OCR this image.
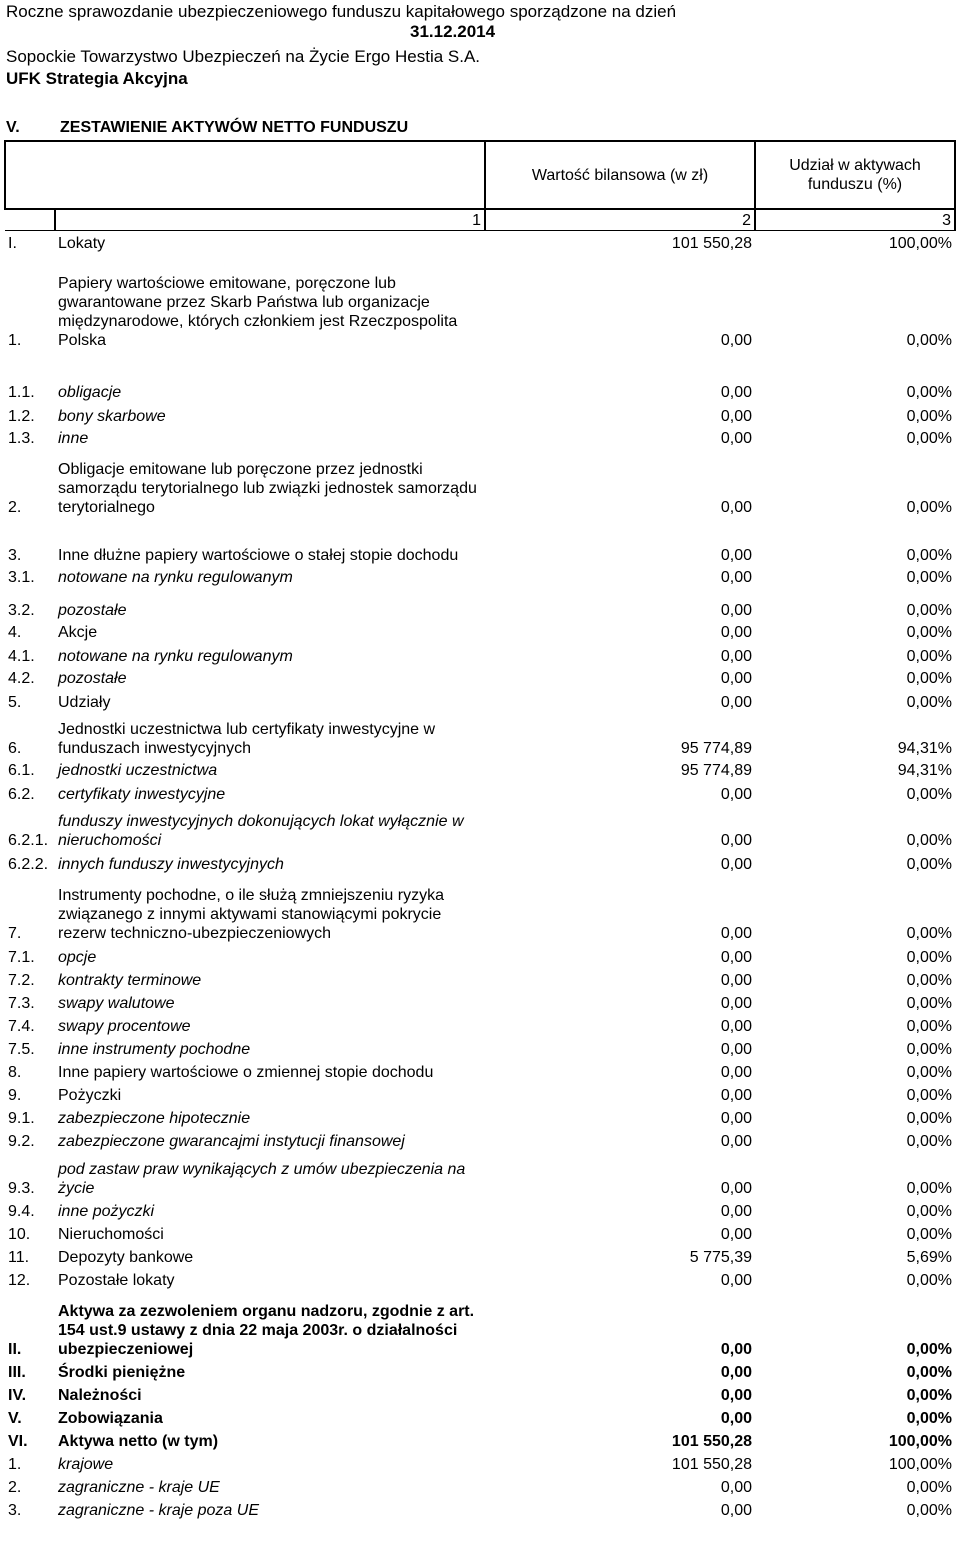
Roczne sprawozdanie ubezpieczeniowego funduszu kapitałowego sporządzone na dzień
31.12.2014
Sopockie Towarzystwo Ubezpieczeń na Życie Ergo Hestia S.A.
UFK Strategia Akcyjna
V.	ZESTAWIENIE AKTYWÓW NETTO FUNDUSZU
		Wartość bilansowa (w zł)	Udział w aktywach funduszu (%)
	1	2	3
I.	Lokaty	101 550,28	100,00%
1.	Papiery wartościowe emitowane, poręczone lub gwarantowane przez Skarb Państwa lub organizacje międzynarodowe, których członkiem jest Rzeczpospolita Polska	0,00	0,00%
1.1.	obligacje	0,00	0,00%
1.2.	bony skarbowe	0,00	0,00%
1.3.	inne	0,00	0,00%
2.	Obligacje emitowane lub poręczone przez jednostki samorządu terytorialnego lub związki jednostek samorządu terytorialnego	0,00	0,00%
3.	Inne dłużne papiery wartościowe o stałej stopie dochodu	0,00	0,00%
3.1.	notowane na rynku regulowanym	0,00	0,00%
3.2.	pozostałe	0,00	0,00%
4.	Akcje	0,00	0,00%
4.1.	notowane na rynku regulowanym	0,00	0,00%
4.2.	pozostałe	0,00	0,00%
5.	Udziały	0,00	0,00%
6.	Jednostki uczestnictwa lub certyfikaty inwestycyjne w funduszach inwestycyjnych	95 774,89	94,31%
6.1.	jednostki uczestnictwa	95 774,89	94,31%
6.2.	certyfikaty inwestycyjne	0,00	0,00%
6.2.1.	funduszy inwestycyjnych dokonujących lokat wyłącznie w nieruchomości	0,00	0,00%
6.2.2.	innych funduszy inwestycyjnych	0,00	0,00%
7.	Instrumenty pochodne, o ile służą zmniejszeniu ryzyka związanego z innymi aktywami stanowiącymi pokrycie rezerw techniczno-ubezpieczeniowych	0,00	0,00%
7.1.	opcje	0,00	0,00%
7.2.	kontrakty terminowe	0,00	0,00%
7.3.	swapy walutowe	0,00	0,00%
7.4.	swapy procentowe	0,00	0,00%
7.5.	inne instrumenty pochodne	0,00	0,00%
8.	Inne papiery wartościowe o zmiennej stopie dochodu	0,00	0,00%
9.	Pożyczki	0,00	0,00%
9.1.	zabezpieczone hipotecznie	0,00	0,00%
9.2.	zabezpieczone gwarancajmi instytucji finansowej	0,00	0,00%
9.3.	pod zastaw praw wynikających z umów ubezpieczenia na życie	0,00	0,00%
9.4.	inne pożyczki	0,00	0,00%
10.	Nieruchomości	0,00	0,00%
11.	Depozyty bankowe	5 775,39	5,69%
12.	Pozostałe lokaty	0,00	0,00%
II.	Aktywa za zezwoleniem organu nadzoru, zgodnie z art. 154 ust.9 ustawy z dnia 22 maja 2003r. o działalności ubezpieczeniowej	0,00	0,00%
III.	Środki pieniężne	0,00	0,00%
IV.	Należności	0,00	0,00%
V.	Zobowiązania	0,00	0,00%
VI.	Aktywa netto (w tym)	101 550,28	100,00%
1.	krajowe	101 550,28	100,00%
2.	zagraniczne - kraje UE	0,00	0,00%
3.	zagraniczne - kraje poza UE	0,00	0,00%
